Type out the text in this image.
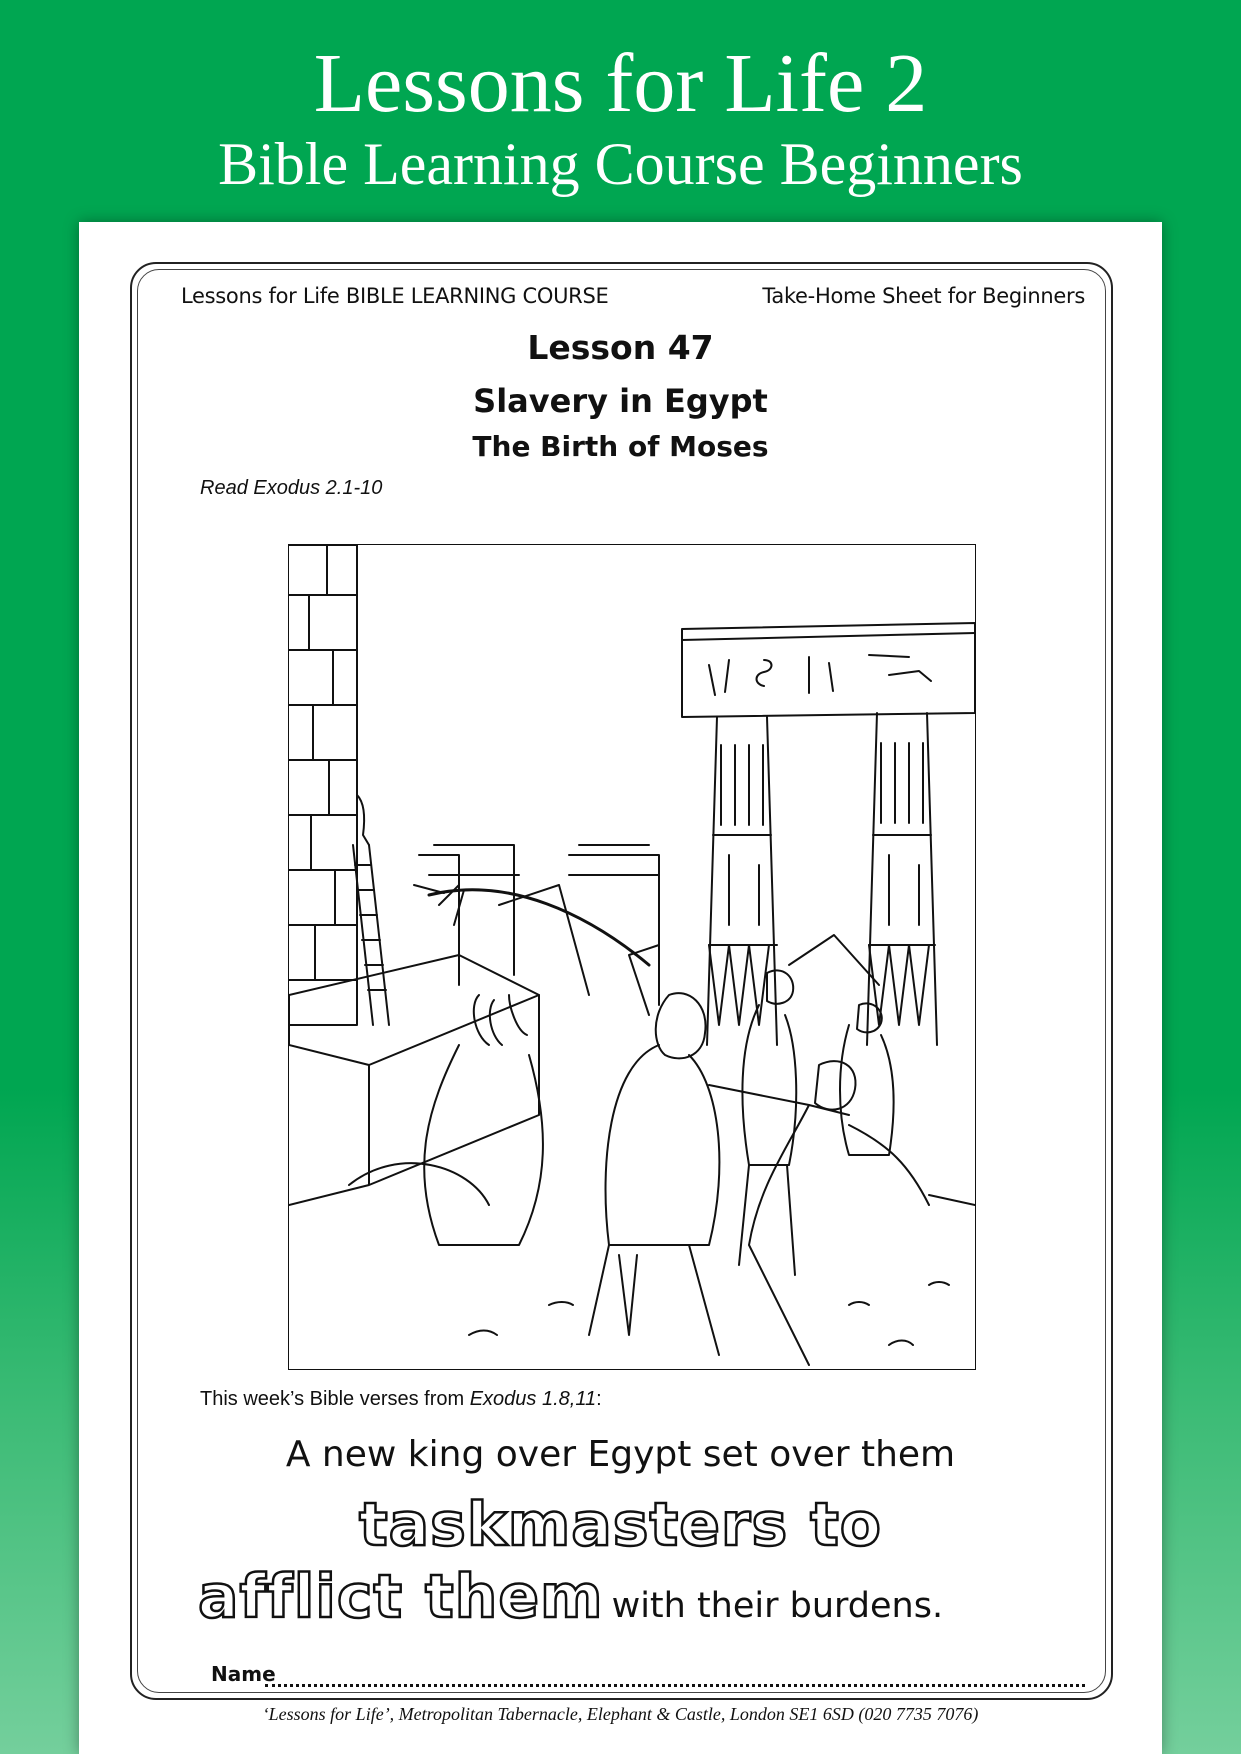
Lessons for Life 2
Bible Learning Course Beginners
Lessons for Life BIBLE LEARNING COURSE	Take-Home Sheet for Beginners
Lesson 47
Slavery in Egypt
The Birth of Moses
Read Exodus 2.1-10
This week’s Bible verses from Exodus 1.8,11:
A new king over Egypt set over them
taskmasters to
afflict them with their burdens.
Name
‘Lessons for Life’, Metropolitan Tabernacle, Elephant & Castle, London SE1 6SD (020 7735 7076)
